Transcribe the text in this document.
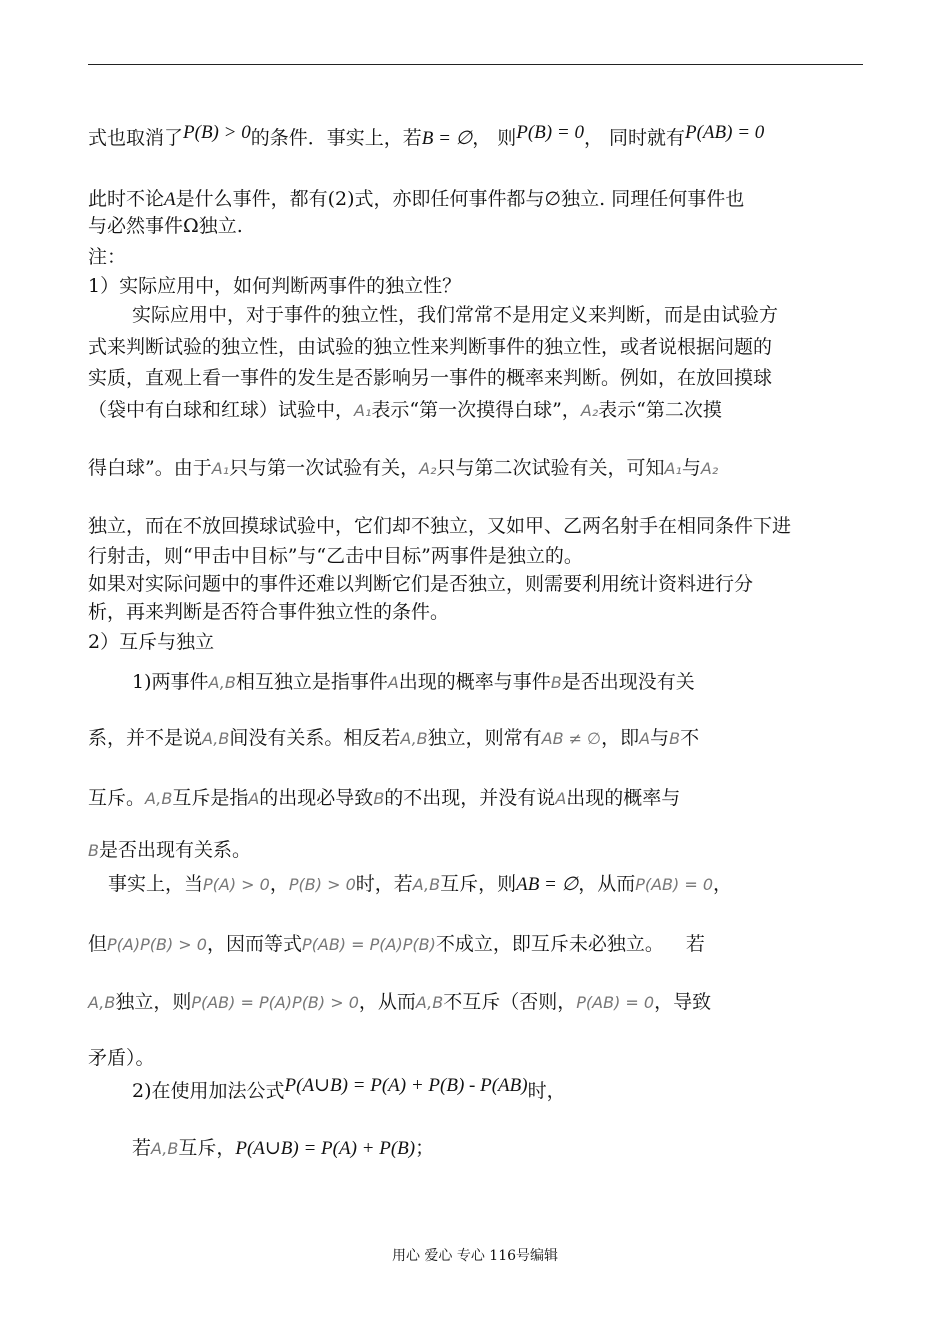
式也取消了P(B) > 0的条件．事实上，若B = ∅， 则P(B) = 0， 同时就有P(AB) = 0
此时不论A是什么事件，都有(2)式，亦即任何事件都与∅独立. 同理任何事件也
与必然事件Ω独立.
注：
1）实际应用中，如何判断两事件的独立性？
实际应用中，对于事件的独立性，我们常常不是用定义来判断，而是由试验方
式来判断试验的独立性，由试验的独立性来判断事件的独立性，或者说根据问题的
实质，直观上看一事件的发生是否影响另一事件的概率来判断。例如，在放回摸球
（袋中有白球和红球）试验中，A₁表示“第一次摸得白球”，A₂表示“第二次摸
得白球”。由于A₁只与第一次试验有关，A₂只与第二次试验有关，可知A₁与A₂
独立，而在不放回摸球试验中，它们却不独立，又如甲、乙两名射手在相同条件下进
行射击，则“甲击中目标”与“乙击中目标”两事件是独立的。
如果对实际问题中的事件还难以判断它们是否独立，则需要利用统计资料进行分
析，再来判断是否符合事件独立性的条件。
2）互斥与独立
1)两事件A,B相互独立是指事件A出现的概率与事件B是否出现没有关
系，并不是说A,B间没有关系。相反若A,B独立，则常有AB ≠ ∅，即A与B不
互斥。A,B互斥是指A的出现必导致B的不出现，并没有说A出现的概率与
B是否出现有关系。
事实上，当P(A) > 0，P(B) > 0时，若A,B互斥，则AB = ∅，从而P(AB) = 0，
但P(A)P(B) > 0，因而等式P(AB) = P(A)P(B)不成立，即互斥未必独立。 若
A,B独立，则P(AB) = P(A)P(B) > 0，从而A,B不互斥（否则，P(AB) = 0，导致
矛盾）。
2)在使用加法公式P(A∪B) = P(A) + P(B) - P(AB)时，
若A,B互斥，P(A∪B) = P(A) + P(B)；
用心 爱心 专心 116号编辑
